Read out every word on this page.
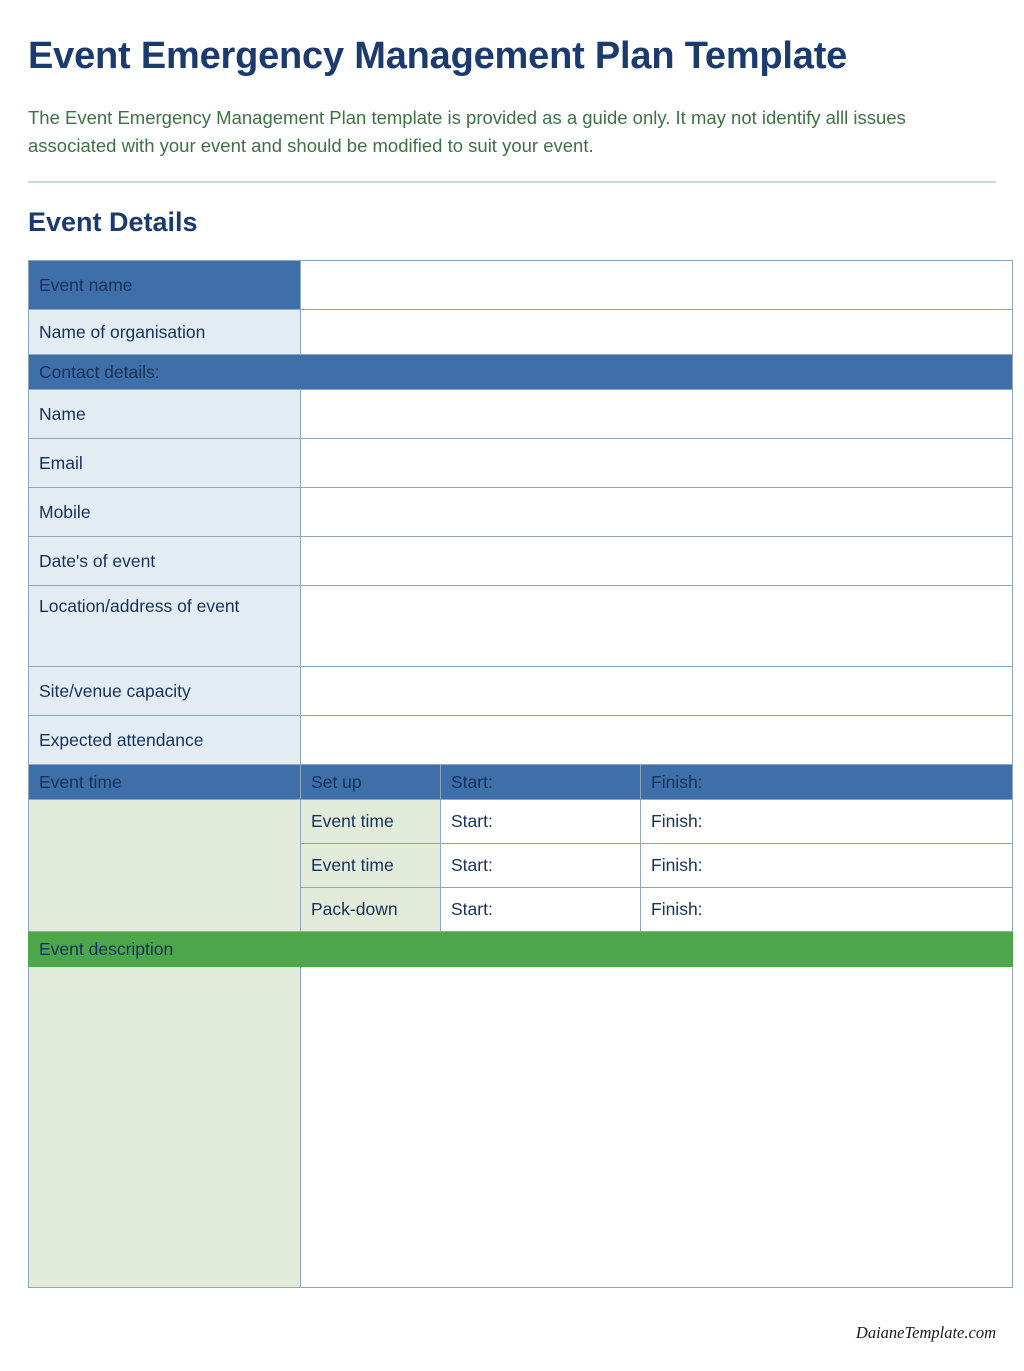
Event Emergency Management Plan Template

The Event Emergency Management Plan template is provided as a guide only. It may not identify alll issues associated with your event and should be modified to suit your event.

Event Details
Event name			
Name of organisation			
Contact details:			
Name			
Email			
Mobile			
Date's of event			
Location/address of event			
Site/venue capacity			
Expected attendance			
Event time	Set up	Start:	Finish:
	Event time	Start:	Finish:
	Event time	Start:	Finish:
	Pack-down	Start:	Finish:
Event description			

DaianeTemplate.com
